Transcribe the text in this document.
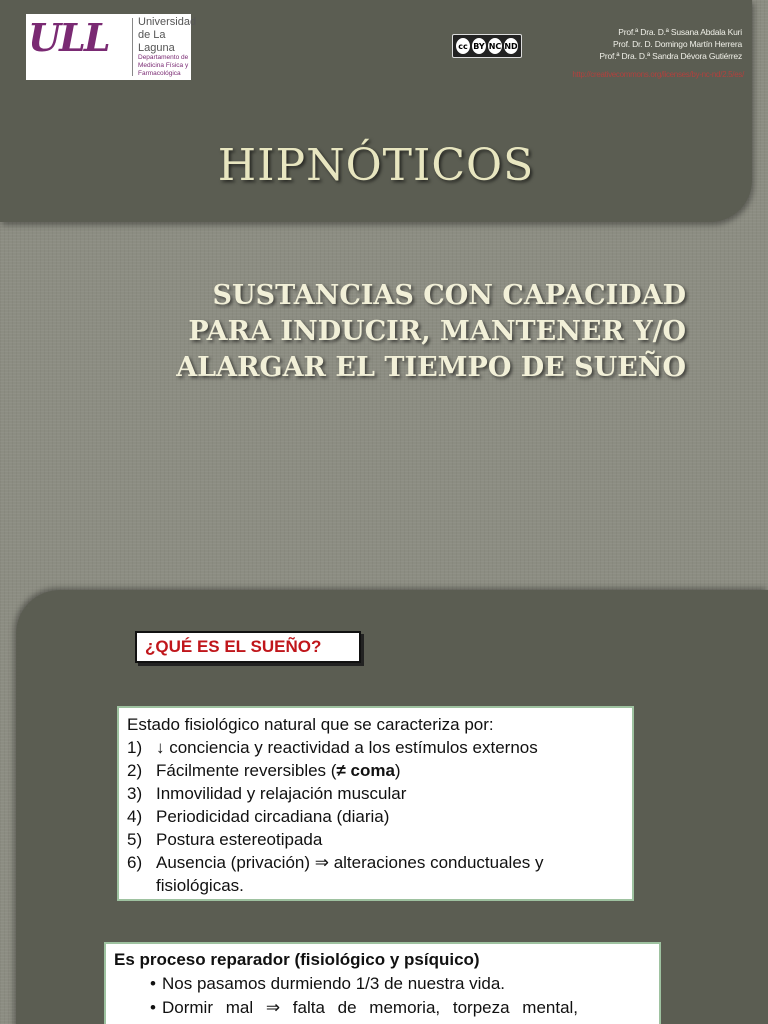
ULL	Universidad de La Laguna
Departamento de Medicina Física y Farmacológica
cc BY NC ND
Prof.ª Dra. D.ª Susana Abdala Kuri
Prof. Dr. D. Domingo Martín Herrera
Prof.ª Dra. D.ª Sandra Dévora Gutiérrez
http://creativecommons.org/licenses/by-nc-nd/2.5/es/
HIPNÓTICOS
SUSTANCIAS CON CAPACIDAD
PARA INDUCIR, MANTENER Y/O
ALARGAR EL TIEMPO DE SUEÑO
¿QUÉ ES EL SUEÑO?
Estado fisiológico natural que se caracteriza por:
1) ↓ conciencia y reactividad a los estímulos externos
2) Fácilmente reversibles (≠ coma)
3) Inmovilidad y relajación muscular
4) Periodicidad circadiana (diaria)
5) Postura estereotipada
6) Ausencia (privación) ⇒ alteraciones conductuales y fisiológicas.
Es proceso reparador (fisiológico y psíquico)
• Nos pasamos durmiendo 1/3 de nuestra vida.
• Dormir mal ⇒ falta de memoria, torpeza mental,
